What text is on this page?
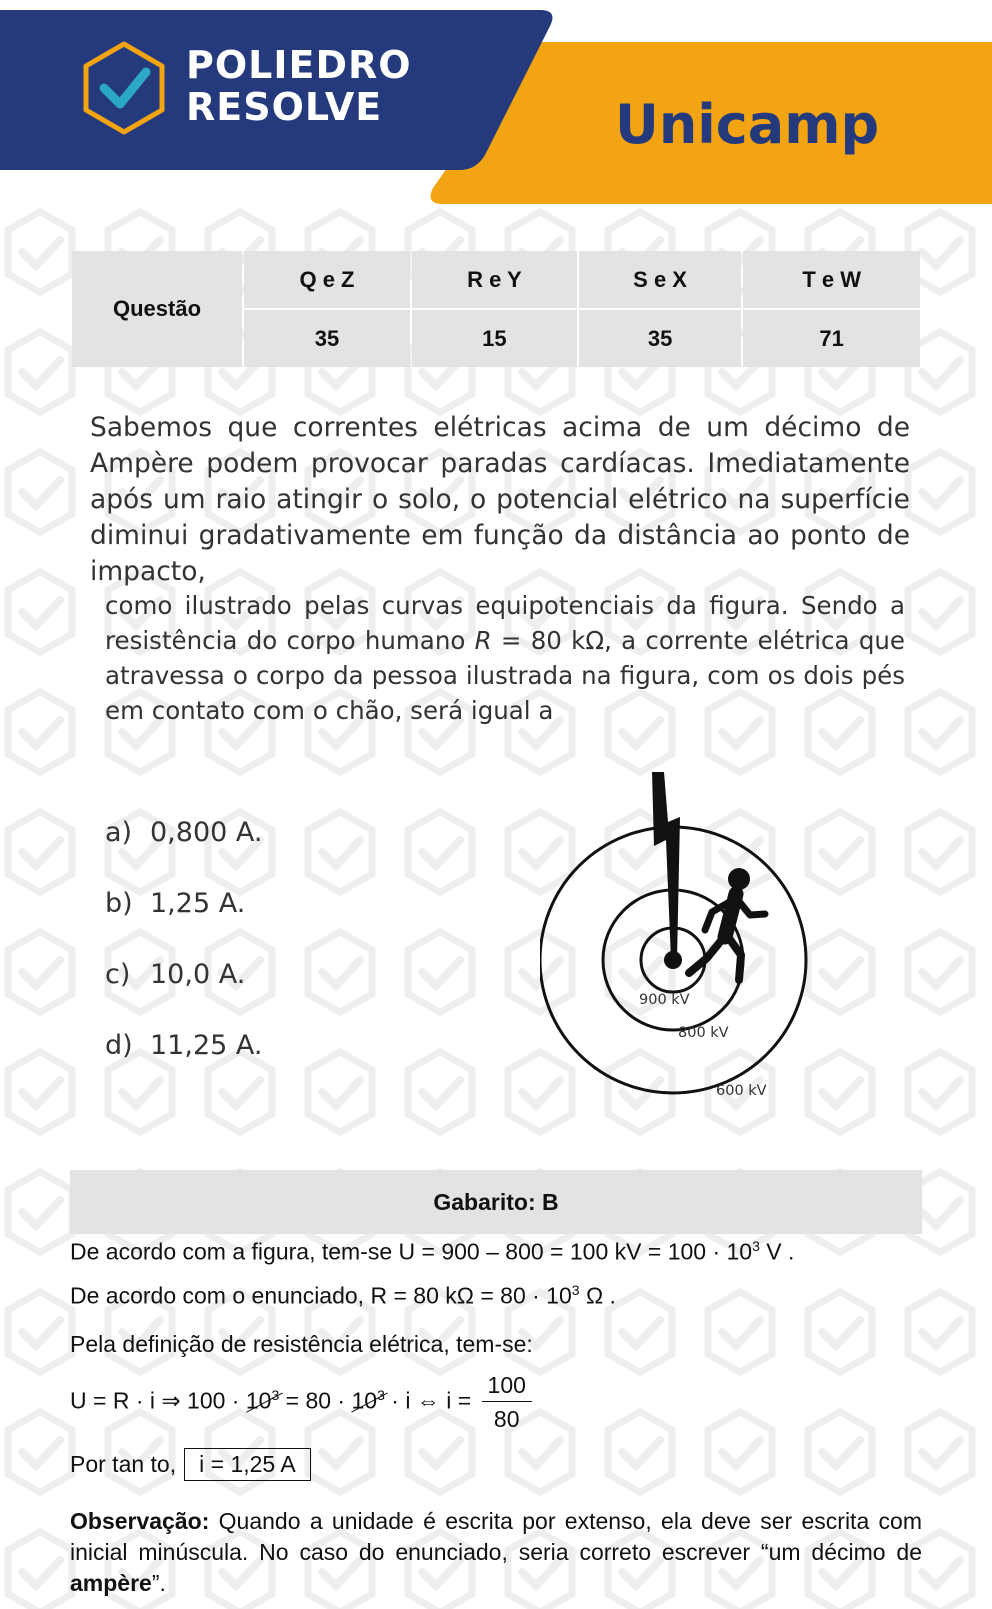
POLIEDRO
RESOLVE	Unicamp
Questão	Q e Z	R e Y	S e X	T e W
	35	15	35	71
Sabemos que correntes elétricas acima de um décimo de Ampère podem provocar paradas cardíacas. Imediatamente após um raio atingir o solo, o potencial elétrico na superfície diminui gradativamente em função da distância ao ponto de impacto,
como ilustrado pelas curvas equipotenciais da figura. Sendo a resistência do corpo humano R = 80 kΩ, a corrente elétrica que atravessa o corpo da pessoa ilustrada na figura, com os dois pés em contato com o chão, será igual a
a) 0,800 A.
b) 1,25 A.
c) 10,0 A.
d) 11,25 A.
900 kV
800 kV
600 kV
Gabarito: B
De acordo com a figura, tem-se U = 900 – 800 = 100 kV = $100 \cdot 10^3$ V .
De acordo com o enunciado, R = 80 $k\Omega = 80 \cdot 10^3$ Ω .
Pela definição de resistência elétrica, tem-se:
U = R · i ⇒ $100 \cdot 10^3 = 80 \cdot 10^3 \cdot i$ ⇔ $i = \frac{100}{80}$
Por tan to, i = 1,25 A
Observação: Quando a unidade é escrita por extenso, ela deve ser escrita com inicial minúscula. No caso do enunciado, seria correto escrever “um décimo de ampère”.
